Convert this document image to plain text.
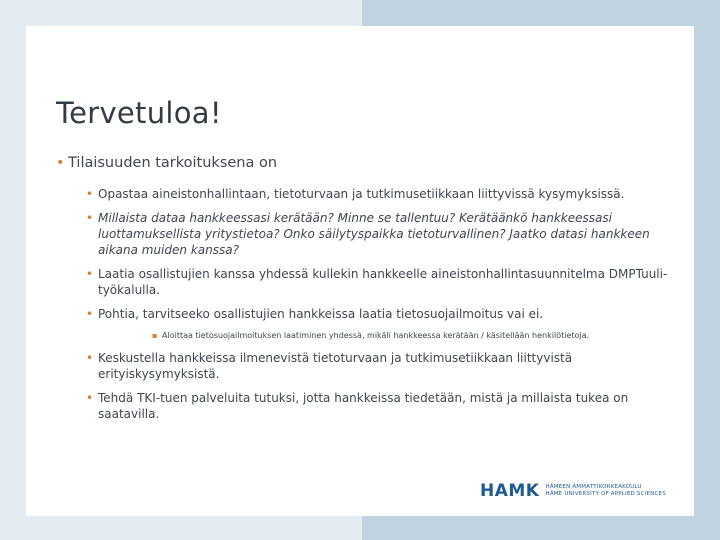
Tervetuloa!
• Tilaisuuden tarkoituksena on
• Opastaa aineistonhallintaan, tietoturvaan ja tutkimusetiikkaan liittyvissä kysymyksissä.
• Millaista dataa hankkeessasi kerätään? Minne se tallentuu? Kerätäänkö hankkeessasi luottamuksellista yritystietoa? Onko säilytyspaikka tietoturvallinen? Jaatko datasi hankkeen aikana muiden kanssa?
• Laatia osallistujien kanssa yhdessä kullekin hankkeelle aineistonhallintasuunnitelma DMPTuuli-työkalulla.
• Pohtia, tarvitseeko osallistujien hankkeissa laatia tietosuojailmoitus vai ei.
▪ Aloittaa tietosuojailmoituksen laatiminen yhdessä, mikäli hankkeessa kerätään / käsitellään henkilötietoja.
• Keskustella hankkeissa ilmenevistä tietoturvaan ja tutkimusetiikkaan liittyvistä erityiskysymyksistä.
• Tehdä TKI-tuen palveluita tutuksi, jotta hankkeissa tiedetään, mistä ja millaista tukea on saatavilla.
HAMK HÄMEEN AMMATTIKORKEAKOULU
HÄME UNIVERSITY OF APPLIED SCIENCES
